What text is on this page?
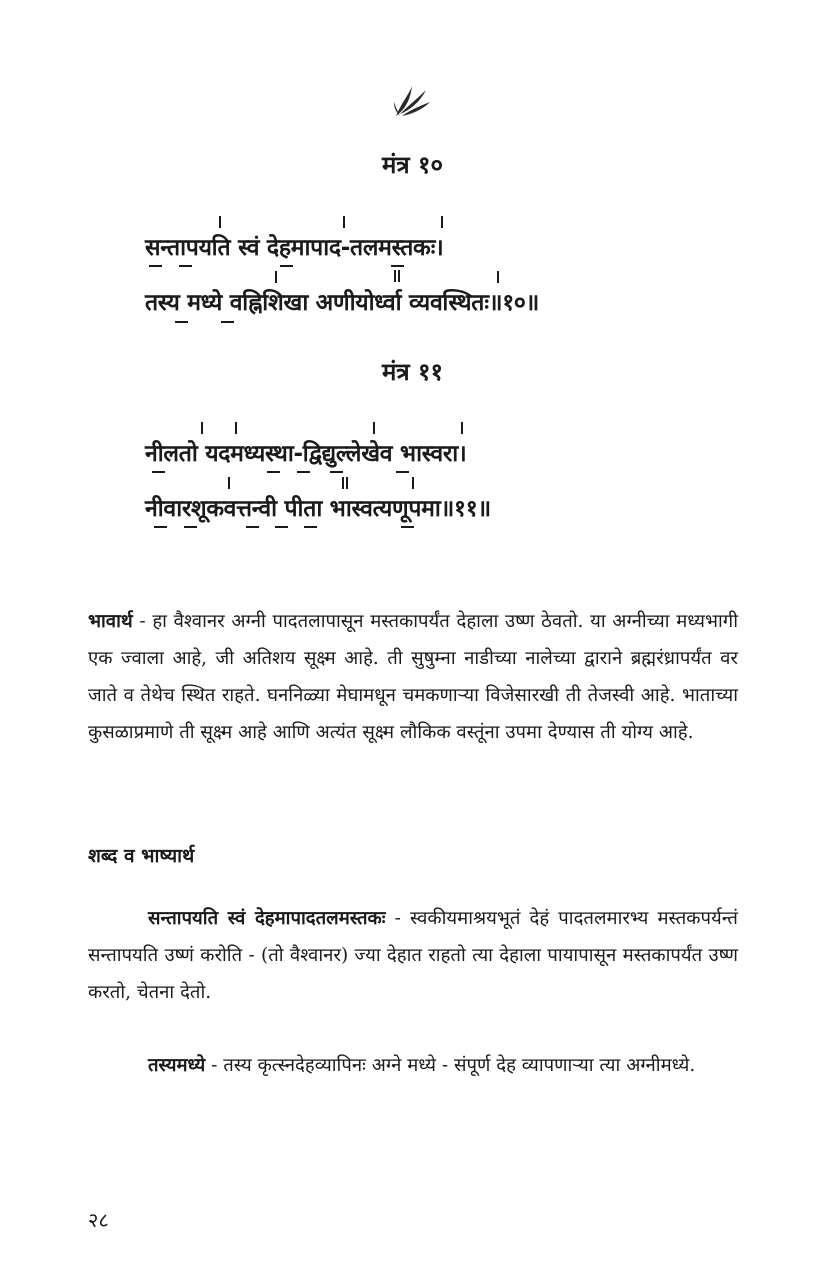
मंत्र १०
सन्तापयति स्वं देहमापाद-तलमस्तकः।
तस्य मध्ये वह्निशिखा अणीयोर्ध्वा व्यवस्थितः॥१०॥
मंत्र ११
नीलतो यदमध्यस्था-द्विद्युल्लेखेव भास्वरा।
नीवारशूकवत्तन्वी पीता भास्वत्यणूपमा॥११॥

भावार्थ - हा वैश्वानर अग्नी पादतलापासून मस्तकापर्यंत देहाला उष्ण ठेवतो. या अग्नीच्या मध्यभागी एक ज्वाला आहे, जी अतिशय सूक्ष्म आहे. ती सुषुम्ना नाडीच्या नालेच्या द्वाराने ब्रह्मरंध्रापर्यंत वर जाते व तेथेच स्थित राहते. घननिळ्या मेघामधून चमकणाऱ्या विजेसारखी ती तेजस्वी आहे. भाताच्या कुसळाप्रमाणे ती सूक्ष्म आहे आणि अत्यंत सूक्ष्म लौकिक वस्तूंना उपमा देण्यास ती योग्य आहे.

शब्द व भाष्यार्थ

सन्तापयति स्वं देहमापादतलमस्तकः - स्वकीयमाश्रयभूतं देहं पादतलमारभ्य मस्तकपर्यन्तं सन्तापयति उष्णं करोति - (तो वैश्वानर) ज्या देहात राहतो त्या देहाला पायापासून मस्तकापर्यंत उष्ण करतो, चेतना देतो.

तस्यमध्ये - तस्य कृत्स्नदेहव्यापिनः अग्ने मध्ये - संपूर्ण देह व्यापणाऱ्या त्या अग्नीमध्ये.

२८
